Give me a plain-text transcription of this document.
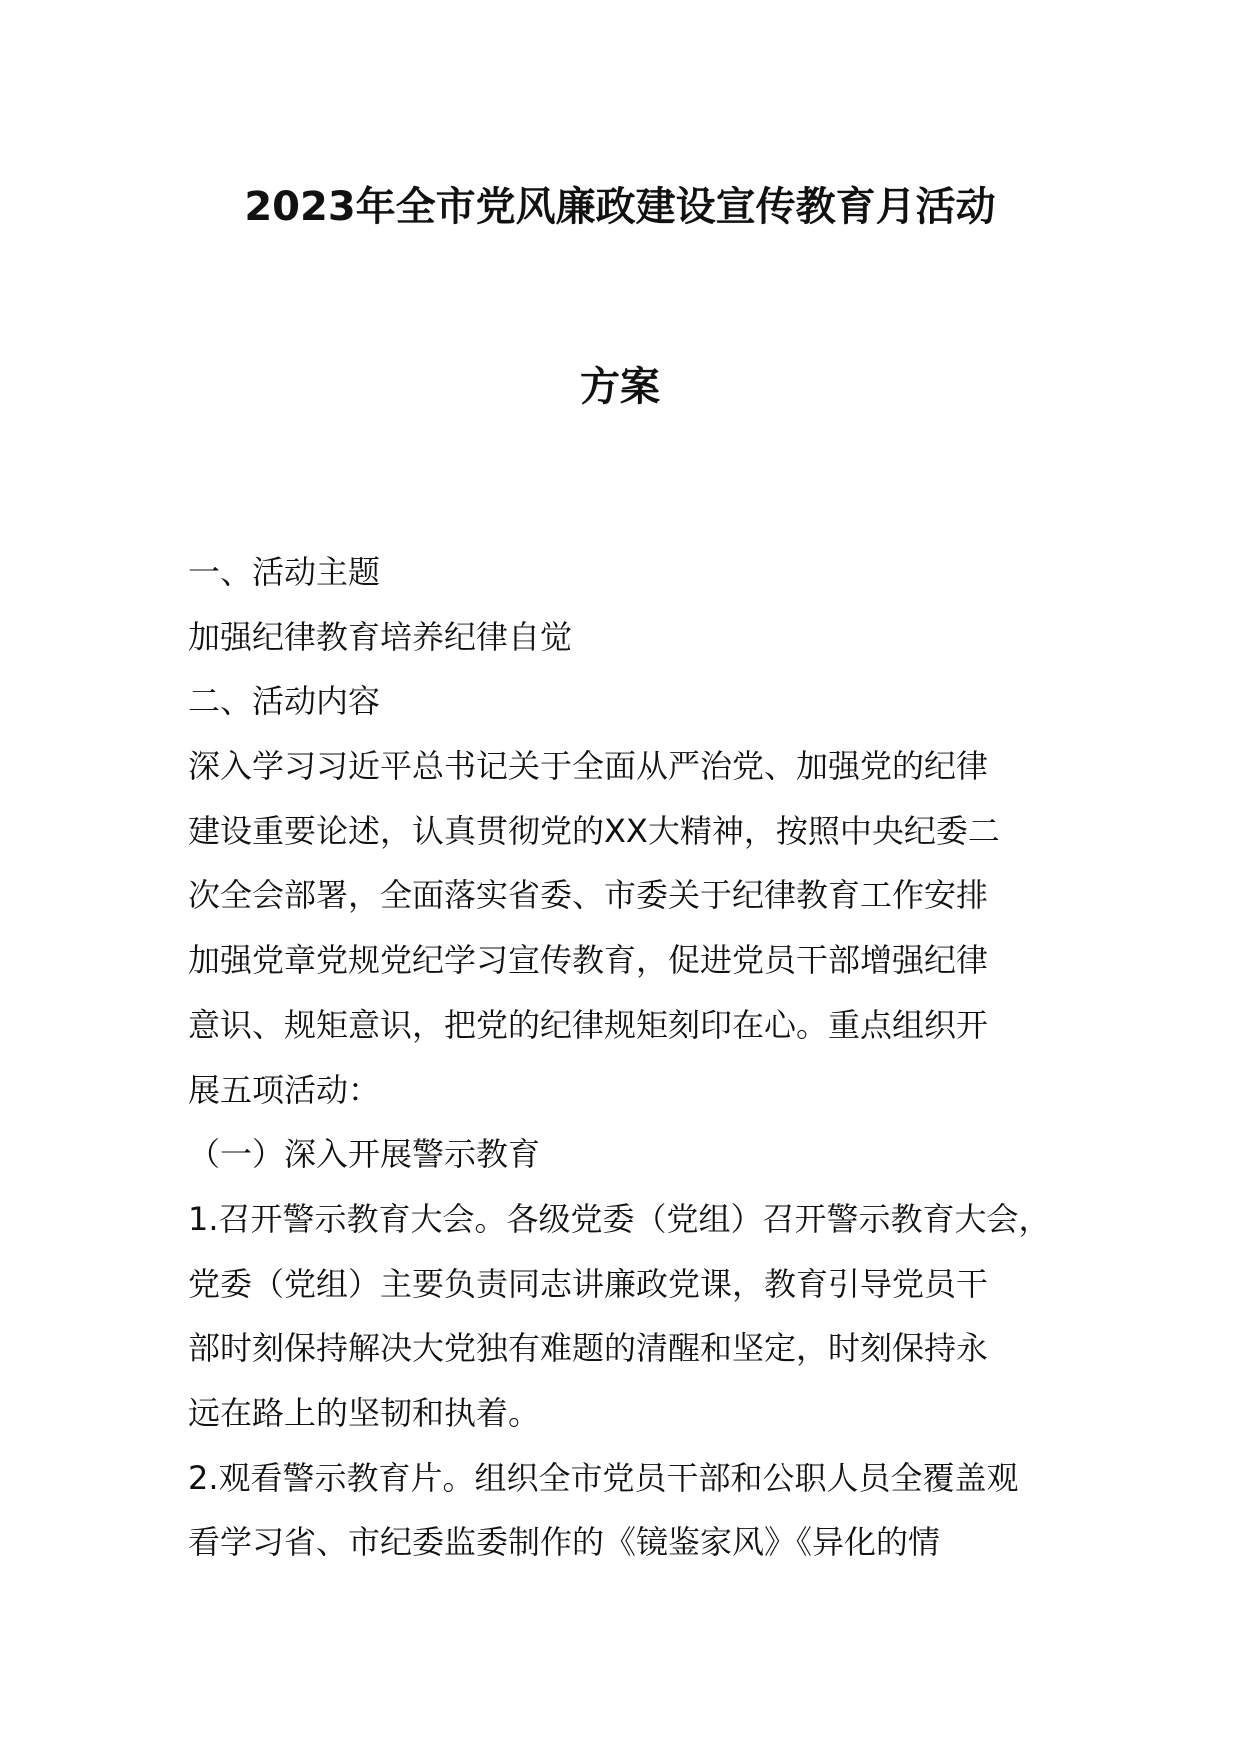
2023年全市党风廉政建设宣传教育月活动
方案

一、活动主题

加强纪律教育培养纪律自觉

二、活动内容

深入学习习近平总书记关于全面从严治党、加强党的纪律

建设重要论述，认真贯彻党的XX大精神，按照中央纪委二

次全会部署，全面落实省委、市委关于纪律教育工作安排

加强党章党规党纪学习宣传教育，促进党员干部增强纪律

意识、规矩意识，把党的纪律规矩刻印在心。重点组织开

展五项活动：

（一）深入开展警示教育

1.召开警示教育大会。各级党委（党组）召开警示教育大会，

党委（党组）主要负责同志讲廉政党课，教育引导党员干

部时刻保持解决大党独有难题的清醒和坚定，时刻保持永

远在路上的坚韧和执着。

2.观看警示教育片。组织全市党员干部和公职人员全覆盖观

看学习省、市纪委监委制作的《镜鉴家风》《异化的情
